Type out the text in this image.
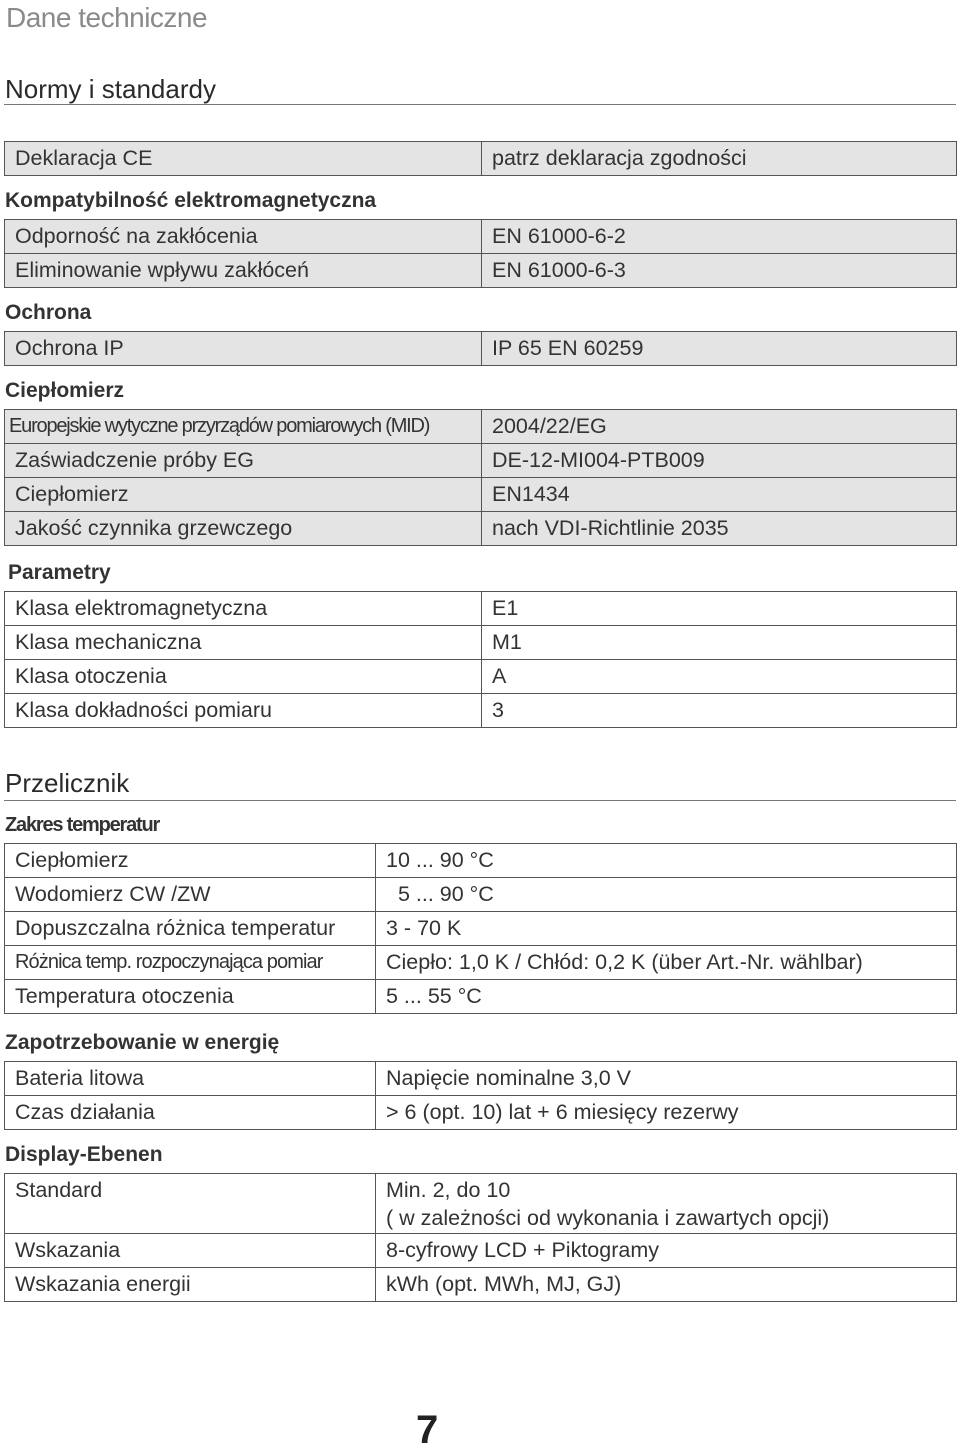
Dane techniczne
Normy i standardy
Deklaracja CE	patrz deklaracja zgodności
Kompatybilność elektromagnetyczna
Odporność na zakłócenia	EN 61000-6-2
Eliminowanie wpływu zakłóceń	EN 61000-6-3
Ochrona
Ochrona IP	IP 65 EN 60259
Ciepłomierz
Europejskie wytyczne przyrządów pomiarowych (MID)	2004/22/EG
Zaświadczenie próby EG	DE-12-MI004-PTB009
Ciepłomierz	EN1434
Jakość czynnika grzewczego	nach VDI-Richtlinie 2035
Parametry
Klasa elektromagnetyczna	E1
Klasa mechaniczna	M1
Klasa otoczenia	A
Klasa dokładności pomiaru	3
Przelicznik
Zakres temperatur
Ciepłomierz	10 ... 90 °C
Wodomierz CW /ZW	5 ... 90 °C
Dopuszczalna różnica temperatur	3 - 70 K
Różnica temp. rozpoczynająca pomiar	Ciepło: 1,0 K / Chłód: 0,2 K (über Art.-Nr. wählbar)
Temperatura otoczenia	5 ... 55 °C
Zapotrzebowanie w energię
Bateria litowa	Napięcie nominalne 3,0 V
Czas działania	> 6 (opt. 10) lat + 6 miesięcy rezerwy
Display-Ebenen
Standard	Min. 2, do 10
( w zależności od wykonania i zawartych opcji)

Wskazania	8-cyfrowy LCD + Piktogramy
Wskazania energii	kWh (opt. MWh, MJ, GJ)
7
